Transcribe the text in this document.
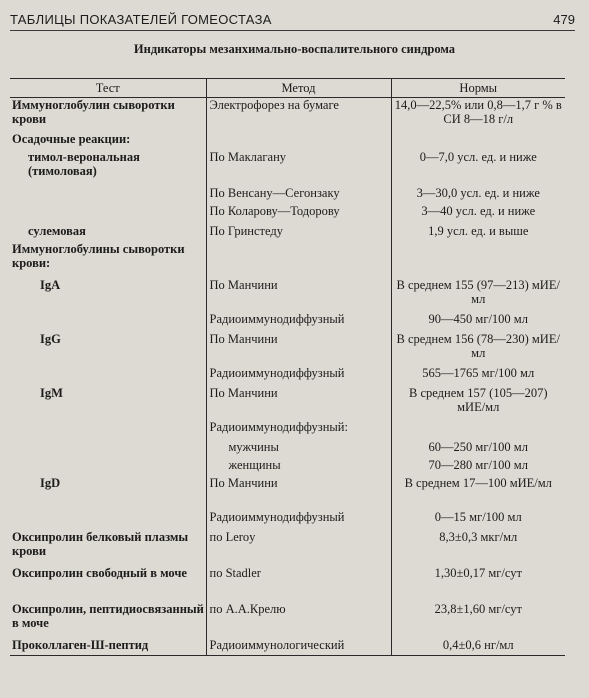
ТАБЛИЦЫ ПОКАЗАТЕЛЕЙ ГОМЕОСТАЗА	479
Индикаторы мезанхимально-воспалительного синдрома
Тест	Метод	Нормы
Иммуноглобулин сыворотки крови	Электрофорез на бумаге	14,0—22,5% или 0,8—1,7 г % в СИ 8—18 г/л
Осадочные реакции:		
тимол-верональная (тимоловая)	По Маклагану	0—7,0 усл. ед. и ниже
	По Венсану—Сегонзаку	3—30,0 усл. ед. и ниже
	По Коларову—Тодорову	3—40 усл. ед. и ниже
сулемовая	По Гринстеду	1,9 усл. ед. и выше
Иммуноглобулины сыворотки крови:		
IgA	По Манчини	В среднем 155 (97—213) мИЕ/мл
	Радиоиммунодиффузный	90—450 мг/100 мл
IgG	По Манчини	В среднем 156 (78—230) мИЕ/мл
	Радиоиммунодиффузный	565—1765 мг/100 мл
IgM	По Манчини	В среднем 157 (105—207) мИЕ/мл
	Радиоиммунодиффузный:	
	мужчины	60—250 мг/100 мл
	женщины	70—280 мг/100 мл
IgD	По Манчини	В среднем 17—100 мИЕ/мл
	Радиоиммунодиффузный	0—15 мг/100 мл
Оксипролин белковый плазмы крови	по Leroy	8,3±0,3 мкг/мл
Оксипролин свободный в моче	по Stadler	1,30±0,17 мг/сут
Оксипролин, пептидиосвязанный в моче	по А.А.Крелю	23,8±1,60 мг/сут
Проколлаген-Ш-пептид	Радиоиммунологический	0,4±0,6 нг/мл
